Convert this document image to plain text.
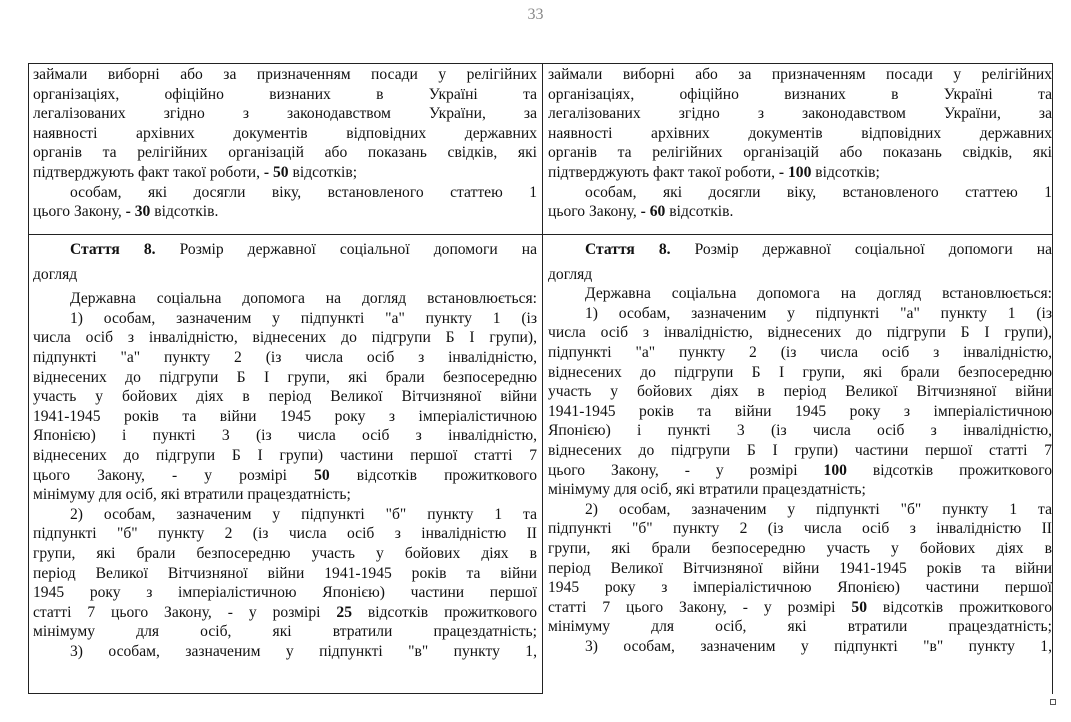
33
займали виборні або за призначенням посади у релігійних
організаціях, офіційно визнаних в Україні та
легалізованих згідно з законодавством України, за
наявності архівних документів відповідних державних
органів та релігійних організацій або показань свідків, які
підтверджують факт такої роботи, - 50 відсотків;
особам, які досягли віку, встановленого статтею 1
цього Закону, - 30 відсотків.
Стаття 8. Розмір державної соціальної допомоги на
догляд
Державна соціальна допомога на догляд встановлюється:
1) особам, зазначеним у підпункті "а" пункту 1 (із
числа осіб з інвалідністю, віднесених до підгрупи Б I групи),
підпункті "а" пункту 2 (із числа осіб з інвалідністю,
віднесених до підгрупи Б I групи, які брали безпосередню
участь у бойових діях в період Великої Вітчизняної війни
1941-1945 років та війни 1945 року з імперіалістичною
Японією) і пункті 3 (із числа осіб з інвалідністю,
віднесених до підгрупи Б I групи) частини першої статті 7
цього Закону, - у розмірі 50 відсотків прожиткового
мінімуму для осіб, які втратили працездатність;
2) особам, зазначеним у підпункті "б" пункту 1 та
підпункті "б" пункту 2 (із числа осіб з інвалідністю II
групи, які брали безпосередню участь у бойових діях в
період Великої Вітчизняної війни 1941-1945 років та війни
1945 року з імперіалістичною Японією) частини першої
статті 7 цього Закону, - у розмірі 25 відсотків прожиткового
мінімуму для осіб, які втратили працездатність;
3) особам, зазначеним у підпункті "в" пункту 1,
займали виборні або за призначенням посади у релігійних
організаціях, офіційно визнаних в Україні та
легалізованих згідно з законодавством України, за
наявності архівних документів відповідних державних
органів та релігійних організацій або показань свідків, які
підтверджують факт такої роботи, - 100 відсотків;
особам, які досягли віку, встановленого статтею 1
цього Закону, - 60 відсотків.
Стаття 8. Розмір державної соціальної допомоги на
догляд
Державна соціальна допомога на догляд встановлюється:
1) особам, зазначеним у підпункті "а" пункту 1 (із
числа осіб з інвалідністю, віднесених до підгрупи Б I групи),
підпункті "а" пункту 2 (із числа осіб з інвалідністю,
віднесених до підгрупи Б I групи, які брали безпосередню
участь у бойових діях в період Великої Вітчизняної війни
1941-1945 років та війни 1945 року з імперіалістичною
Японією) і пункті 3 (із числа осіб з інвалідністю,
віднесених до підгрупи Б I групи) частини першої статті 7
цього Закону, - у розмірі 100 відсотків прожиткового
мінімуму для осіб, які втратили працездатність;
2) особам, зазначеним у підпункті "б" пункту 1 та
підпункті "б" пункту 2 (із числа осіб з інвалідністю II
групи, які брали безпосередню участь у бойових діях в
період Великої Вітчизняної війни 1941-1945 років та війни
1945 року з імперіалістичною Японією) частини першої
статті 7 цього Закону, - у розмірі 50 відсотків прожиткового
мінімуму для осіб, які втратили працездатність;
3) особам, зазначеним у підпункті "в" пункту 1,
